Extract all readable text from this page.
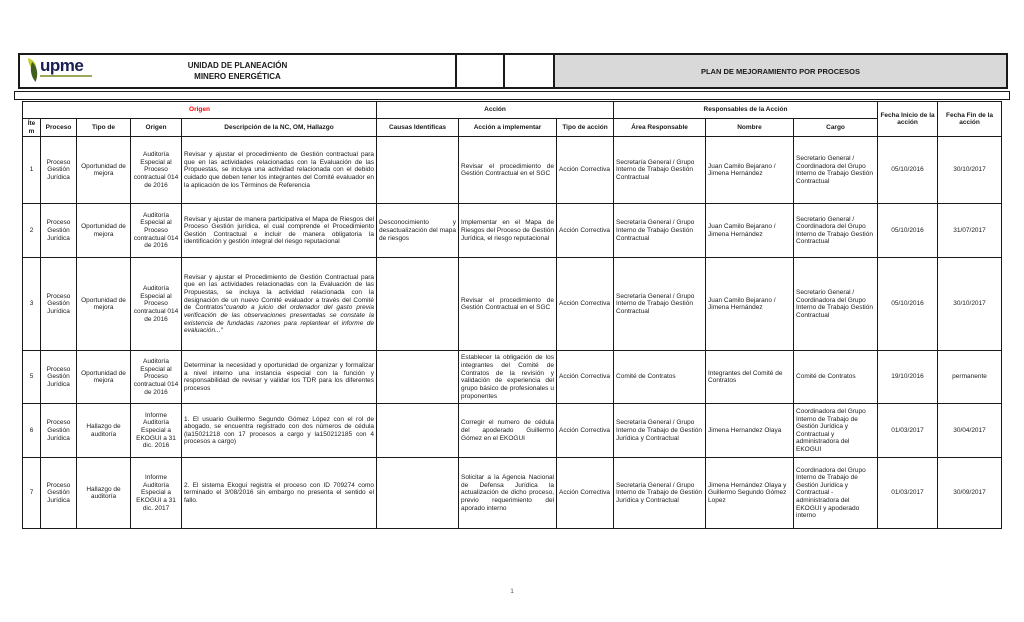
upme	UNIDAD DE PLANEACIÓN
MINERO ENERGÉTICA
PLAN DE MEJORAMIENTO POR PROCESOS
Origen					Acción			Responsables de la Acción			Fecha Inicio de la acción	Fecha Fin de la acción
Ítem	Proceso	Tipo de	Origen	Descripción de la NC, OM, Hallazgo	Causas Identificas	Acción a implementar	Tipo de acción	Área Responsable	Nombre	Cargo		
1	Proceso Gestión Jurídica	Oportunidad de mejora	Auditoría Especial al Proceso contractual 014 de 2016	Revisar y ajustar el procedimiento de Gestión contractual para que en las actividades relacionadas con la Evaluación de las Propuestas, se incluya una actividad relacionada con el debido cuidado que deben tener los integrantes del Comité evaluador en la aplicación de los Términos de Referencia		Revisar el procedimiento de Gestión Contractual en el SGC	Acción Correctiva	Secretaría General / Grupo Interno de Trabajo Gestión Contractual	Juan Camilo Bejarano / Jimena Hernández	Secretario General / Coordinadora del Grupo Interno de Trabajo Gestión Contractual	05/10/2016	30/10/2017
2	Proceso Gestión Jurídica	Oportunidad de mejora	Auditoría Especial al Proceso contractual 014 de 2016	Revisar y ajustar de manera participativa el Mapa de Riesgos del Proceso Gestión jurídica, el cual comprende el Procedimiento Gestión Contractual e incluir de manera obligatoria la identificación y gestión integral del riesgo reputacional	Desconocimiento y desactualización del mapa de riesgos	Implementar en el Mapa de Riesgos del Proceso de Gestión Jurídica, el riesgo reputacional	Acción Correctiva	Secretaría General / Grupo Interno de Trabajo Gestión Contractual	Juan Camilo Bejarano / Jimena Hernández	Secretario General / Coordinadora del Grupo Interno de Trabajo Gestión Contractual	05/10/2016	31/07/2017
3	Proceso Gestión Jurídica	Oportunidad de mejora	Auditoría Especial al Proceso contractual 014 de 2016	Revisar y ajustar el Procedimiento de Gestión Contractual para que en las actividades relacionadas con la Evaluación de las Propuestas, se incluya la actividad relacionada con la designación de un nuevo Comité evaluador a través del Comité de Contratos"cuando a juicio del ordenador del gasto previa verificación de las observaciones presentadas se constate la existencia de fundadas razones para replantear el informe de evaluación..."		Revisar el procedimiento de Gestión Contractual en el SGC	Acción Correctiva	Secretaría General / Grupo Interno de Trabajo Gestión Contractual	Juan Camilo Bejarano / Jimena Hernández	Secretario General / Coordinadora del Grupo Interno de Trabajo Gestión Contractual	05/10/2016	30/10/2017
5	Proceso Gestión Jurídica	Oportunidad de mejora	Auditoría Especial al Proceso contractual 014 de 2016	Determinar la necesidad y oportunidad de organizar y formalizar a nivel interno una instancia especial con la función y responsabilidad de revisar y validar los TDR para los diferentes procesos		Establecer la obligación de los integrantes del Comité de Contratos de la revisión y validación de experiencia del grupo básico de profesionales u proponentes	Acción Correctiva	Comité de Contratos	Integrantes del Comité de Contratos	Comité de Contratos	19/10/2016	permanente
6	Proceso Gestión Jurídica	Hallazgo de auditoría	Informe Auditoría Especial a EKOGUI a 31 dic. 2016	1. El usuario Guillermo Segundo Gómez López con el rol de abogado, se encuentra registrado con dos números de cédula (la15021218 con 17 procesos a cargo y la150212185 con 4 procesos a cargo)		Corregir el numero de cédula del apoderado Guillermo Gómez en el EKOGUI	Acción Correctiva	Secretaría General / Grupo Interno de Trabajo de Gestión Jurídica y Contractual	Jimena Hernandez Olaya	Coordinadora del Grupo Interno de Trabajo de Gestión Jurídica y Contractual y administradora del EKOGUI	01/03/2017	30/04/2017
7	Proceso Gestión Jurídica	Hallazgo de auditoría	Informe Auditoría Especial a EKOGUI a 31 dic. 2017	2. El sistema Ekogui registra el proceso con ID 709274 como terminado el 3/08/2016 sin embargo no presenta el sentido el fallo.		Solicitar a la Agencia Nacional de Defensa Jurídica la actualización de dicho proceso, previo requerimiento del aporado interno	Acción Correctiva	Secretaría General / Grupo Interno de Trabajo de Gestión Jurídica y Contractual	Jimena Hernández Olaya y Guillermo Segundo Gómez Lopez	Coordinadora del Grupo Interno de Trabajo de Gestión Jurídica y Contractual - administradora del EKOGUI y apoderado interno	01/03/2017	30/09/2017
1
